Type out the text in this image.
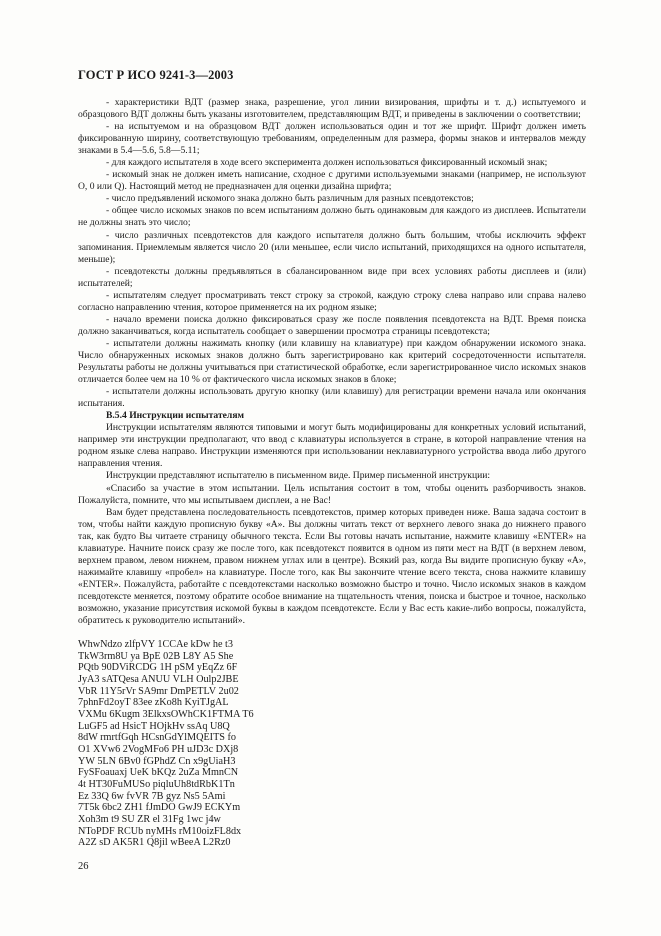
ГОСТ Р ИСО 9241-3—2003

- характеристики ВДТ (размер знака, разрешение, угол линии визирования, шрифты и т. д.) испытуемого и образцового ВДТ должны быть указаны изготовителем, представляющим ВДТ, и приведены в заключении о соответствии;

- на испытуемом и на образцовом ВДТ должен использоваться один и тот же шрифт. Шрифт должен иметь фиксированную ширину, соответствующую требованиям, определенным для размера, формы знаков и интервалов между знаками в 5.4—5.6, 5.8—5.11;

- для каждого испытателя в ходе всего эксперимента должен использоваться фиксированный искомый знак;

- искомый знак не должен иметь написание, сходное с другими используемыми знаками (например, не используют О, 0 или Q). Настоящий метод не предназначен для оценки дизайна шрифта;

- число предъявлений искомого знака должно быть различным для разных псевдотекстов;

- общее число искомых знаков по всем испытаниям должно быть одинаковым для каждого из дисплеев. Испытатели не должны знать это число;

- число различных псевдотекстов для каждого испытателя должно быть большим, чтобы исключить эффект запоминания. Приемлемым является число 20 (или меньшее, если число испытаний, приходящихся на одного испытателя, меньше);

- псевдотексты должны предъявляться в сбалансированном виде при всех условиях работы дисплеев и (или) испытателей;

- испытателям следует просматривать текст строку за строкой, каждую строку слева направо или справа налево согласно направлению чтения, которое применяется на их родном языке;

- начало времени поиска должно фиксироваться сразу же после появления псевдотекста на ВДТ. Время поиска должно заканчиваться, когда испытатель сообщает о завершении просмотра страницы псевдотекста;

- испытатели должны нажимать кнопку (или клавишу на клавиатуре) при каждом обнаружении искомого знака. Число обнаруженных искомых знаков должно быть зарегистрировано как критерий сосредоточенности испытателя. Результаты работы не должны учитываться при статистической обработке, если зарегистрированное число искомых знаков отличается более чем на 10 % от фактического числа искомых знаков в блоке;

- испытатели должны использовать другую кнопку (или клавишу) для регистрации времени начала или окончания испытания.

В.5.4 Инструкции испытателям

Инструкции испытателям являются типовыми и могут быть модифицированы для конкретных условий испытаний, например эти инструкции предполагают, что ввод с клавиатуры используется в стране, в которой направление чтения на родном языке слева направо. Инструкции изменяются при использовании неклавиатурного устройства ввода либо другого направления чтения.

Инструкции представляют испытателю в письменном виде. Пример письменной инструкции:

«Спасибо за участие в этом испытании. Цель испытания состоит в том, чтобы оценить разборчивость знаков. Пожалуйста, помните, что мы испытываем дисплеи, а не Вас!

Вам будет представлена последовательность псевдотекстов, пример которых приведен ниже. Ваша задача состоит в том, чтобы найти каждую прописную букву «А». Вы должны читать текст от верхнего левого знака до нижнего правого так, как будто Вы читаете страницу обычного текста. Если Вы готовы начать испытание, нажмите клавишу «ENTER» на клавиатуре. Начните поиск сразу же после того, как псевдотекст появится в одном из пяти мест на ВДТ (в верхнем левом, верхнем правом, левом нижнем, правом нижнем углах или в центре). Всякий раз, когда Вы видите прописную букву «А», нажимайте клавишу «пробел» на клавиатуре. После того, как Вы закончите чтение всего текста, снова нажмите клавишу «ENTER». Пожалуйста, работайте с псевдотекстами насколько возможно быстро и точно. Число искомых знаков в каждом псевдотексте меняется, поэтому обратите особое внимание на тщательность чтения, поиска и быстрое и точное, насколько возможно, указание присутствия искомой буквы в каждом псевдотексте. Если у Вас есть какие-либо вопросы, пожалуйста, обратитесь к руководителю испытаний».

WhwNdzo zlfpVY 1CCAe kDw he t3
TkW3rm8U ya BpE 02B L8Y A5 She
PQtb 90DViRCDG 1H pSM yEqZz 6F
JyA3 sATQesa ANUU VLH Oulp2JBE
VbR 11Y5rVr SA9mr DmPETLV 2u02
7phnFd2oyT 83ee zKo8h KyiTJgAL
VXMu 6Kugm 3ElkxsOWhCK1FTMA T6
LuGF5 ad HsicT HOjkHv ssAq U8Q
8dW rmrtfGqh HCsnGdYlMQEITS fo
O1 XVw6 2VogMFo6 PH uJD3c DXj8
YW 5LN 6Bv0 fGPhdZ Cn x9gUiaH3
FySFoauaxj UeK bKQz 2uZa MmnCN
4t HT30FuMUSo piqluUh8tdRbK1Tn
Ez 33Q 6w fvVR 7B gyz Ns5 5Ami
7T5k 6bc2 ZH1 fJmDO GwJ9 ECKYm
Xoh3m t9 SU ZR el 31Fg 1wc j4w
NToPDF RCUb nyMHs rM10oizFL8dx
A2Z sD AK5R1 Q8jil wBeeA L2Rz0
26
